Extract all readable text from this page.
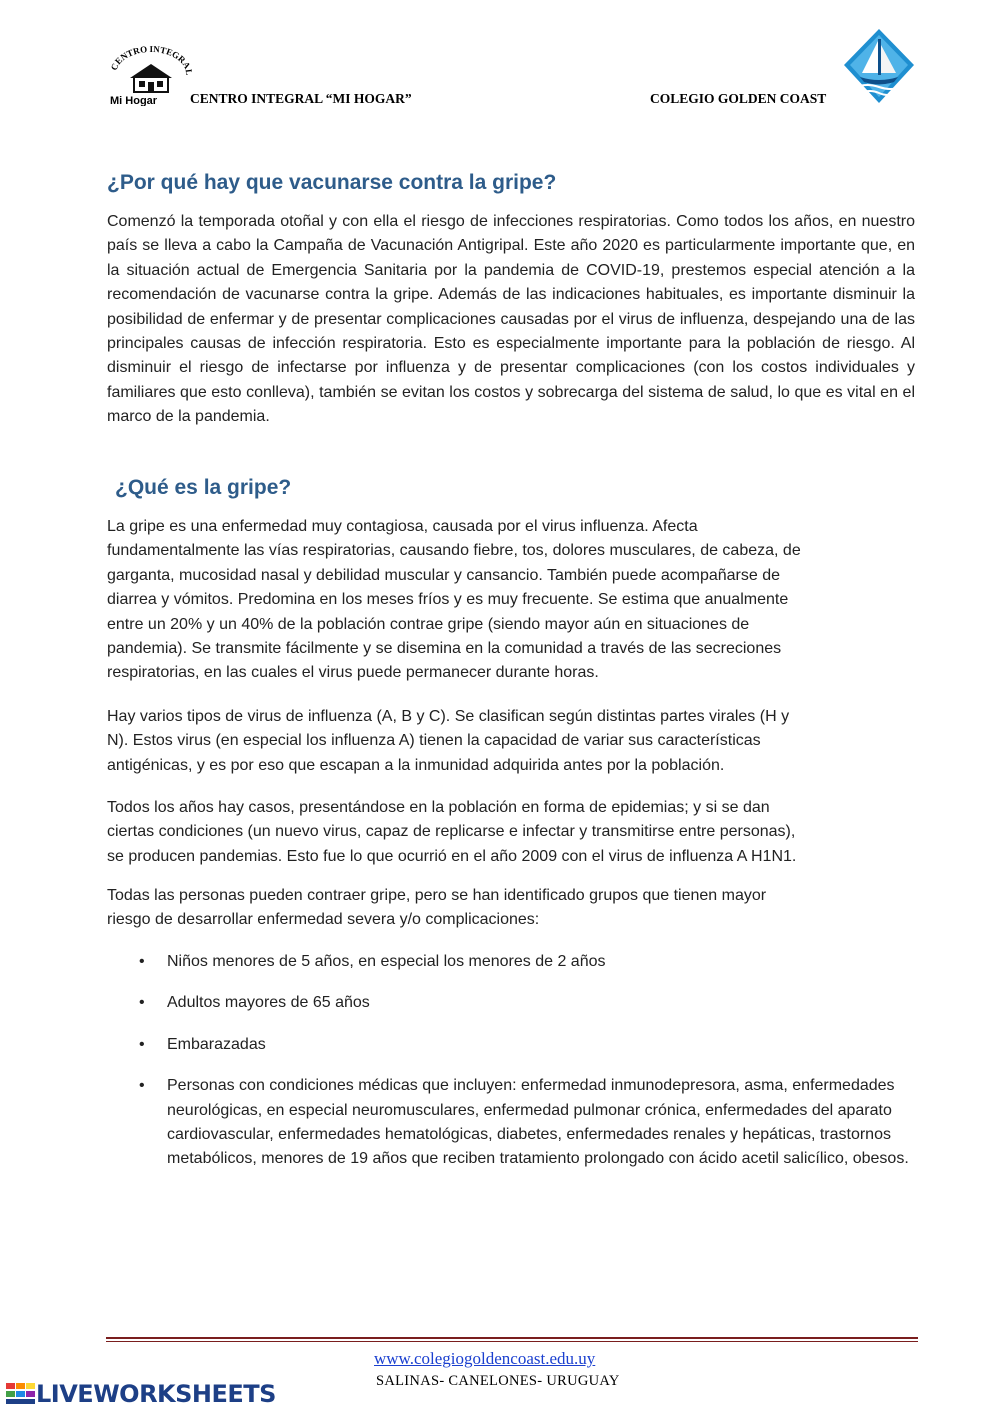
CENTRO INTEGRAL
Mi Hogar CENTRO INTEGRAL “MI HOGAR”	COLEGIO GOLDEN COAST
¿Por qué hay que vacunarse contra la gripe?

Comenzó la temporada otoñal y con ella el riesgo de infecciones respiratorias. Como todos los años, en nuestro país se lleva a cabo la Campaña de Vacunación Antigripal. Este año 2020 es particularmente importante que, en la situación actual de Emergencia Sanitaria por la pandemia de COVID-19, prestemos especial atención a la recomendación de vacunarse contra la gripe. Además de las indicaciones habituales, es importante disminuir la posibilidad de enfermar y de presentar complicaciones causadas por el virus de influenza, despejando una de las principales causas de infección respiratoria. Esto es especialmente importante para la población de riesgo. Al disminuir el riesgo de infectarse por influenza y de presentar complicaciones (con los costos individuales y familiares que esto conlleva), también se evitan los costos y sobrecarga del sistema de salud, lo que es vital en el marco de la pandemia.

¿Qué es la gripe?
La gripe es una enfermedad muy contagiosa, causada por el virus influenza. Afecta
fundamentalmente las vías respiratorias, causando fiebre, tos, dolores musculares, de cabeza, de
garganta, mucosidad nasal y debilidad muscular y cansancio. También puede acompañarse de
diarrea y vómitos. Predomina en los meses fríos y es muy frecuente. Se estima que anualmente
entre un 20% y un 40% de la población contrae gripe (siendo mayor aún en situaciones de
pandemia). Se transmite fácilmente y se disemina en la comunidad a través de las secreciones
respiratorias, en las cuales el virus puede permanecer durante horas.
Hay varios tipos de virus de influenza (A, B y C). Se clasifican según distintas partes virales (H y
N). Estos virus (en especial los influenza A) tienen la capacidad de variar sus características
antigénicas, y es por eso que escapan a la inmunidad adquirida antes por la población.
Todos los años hay casos, presentándose en la población en forma de epidemias; y si se dan
ciertas condiciones (un nuevo virus, capaz de replicarse e infectar y transmitirse entre personas),
se producen pandemias. Esto fue lo que ocurrió en el año 2009 con el virus de influenza A H1N1.
Todas las personas pueden contraer gripe, pero se han identificado grupos que tienen mayor
riesgo de desarrollar enfermedad severa y/o complicaciones:
• Niños menores de 5 años, en especial los menores de 2 años
• Adultos mayores de 65 años
• Embarazadas
• Personas con condiciones médicas que incluyen: enfermedad inmunodepresora, asma, enfermedades neurológicas, en especial neuromusculares, enfermedad pulmonar crónica, enfermedades del aparato cardiovascular, enfermedades hematológicas, diabetes, enfermedades renales y hepáticas, trastornos metabólicos, menores de 19 años que reciben tratamiento prolongado con ácido acetil salicílico, obesos.
www.colegiogoldencoast.edu.uy
SALINAS- CANELONES- URUGUAY
LIVEWORKSHEETS
